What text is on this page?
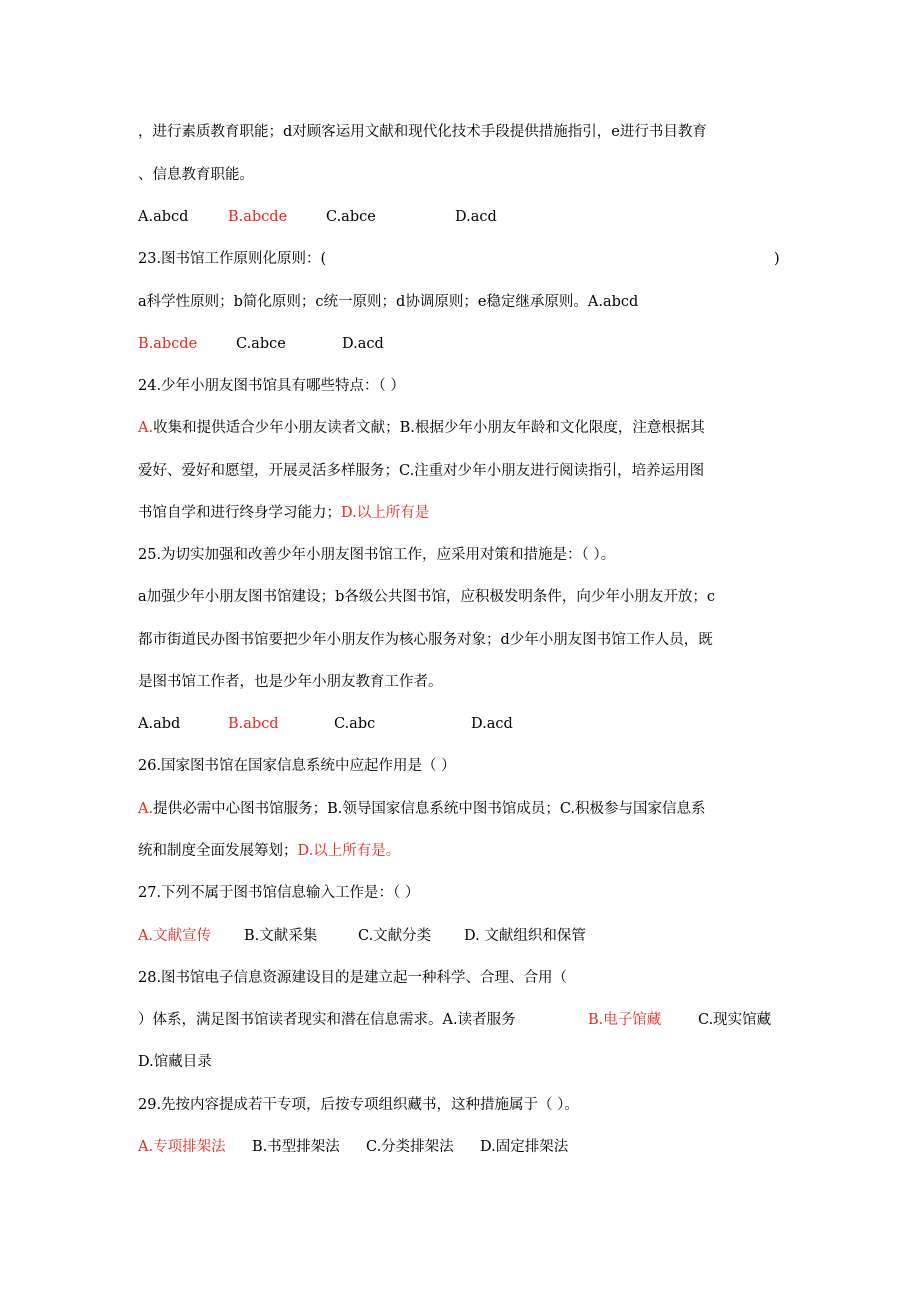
，进行素质教育职能；d对顾客运用文献和现代化技术手段提供措施指引，e进行书目教育
、信息教育职能。
A.abcd	B.abcde	C.abce	D.acd
23.图书馆工作原则化原则：(	)
a科学性原则；b简化原则；c统一原则；d协调原则；e稳定继承原则。A.abcd
B.abcde	C.abce	D.acd
24.少年小朋友图书馆具有哪些特点：（ ）
A.收集和提供适合少年小朋友读者文献；B.根据少年小朋友年龄和文化限度，注意根据其
爱好、爱好和愿望，开展灵活多样服务；C.注重对少年小朋友进行阅读指引，培养运用图
书馆自学和进行终身学习能力；D.以上所有是
25.为切实加强和改善少年小朋友图书馆工作，应采用对策和措施是：（ ）。
a加强少年小朋友图书馆建设；b各级公共图书馆，应积极发明条件，向少年小朋友开放；c
都市街道民办图书馆要把少年小朋友作为核心服务对象；d少年小朋友图书馆工作人员，既
是图书馆工作者，也是少年小朋友教育工作者。
A.abd	B.abcd	C.abc	D.acd
26.国家图书馆在国家信息系统中应起作用是（ ）
A.提供必需中心图书馆服务；B.领导国家信息系统中图书馆成员；C.积极参与国家信息系
统和制度全面发展筹划；D.以上所有是。
27.下列不属于图书馆信息输入工作是：（ ）
A.文献宣传 B.文献采集	C.文献分类 D. 文献组织和保管
28.图书馆电子信息资源建设目的是建立起一种科学、合理、合用（
）体系，满足图书馆读者现实和潜在信息需求。A.读者服务	B.电子馆藏	C.现实馆藏
D.馆藏目录
29.先按内容提成若干专项，后按专项组织藏书，这种措施属于（ ）。
A.专项排架法 B.书型排架法 C.分类排架法 D.固定排架法
